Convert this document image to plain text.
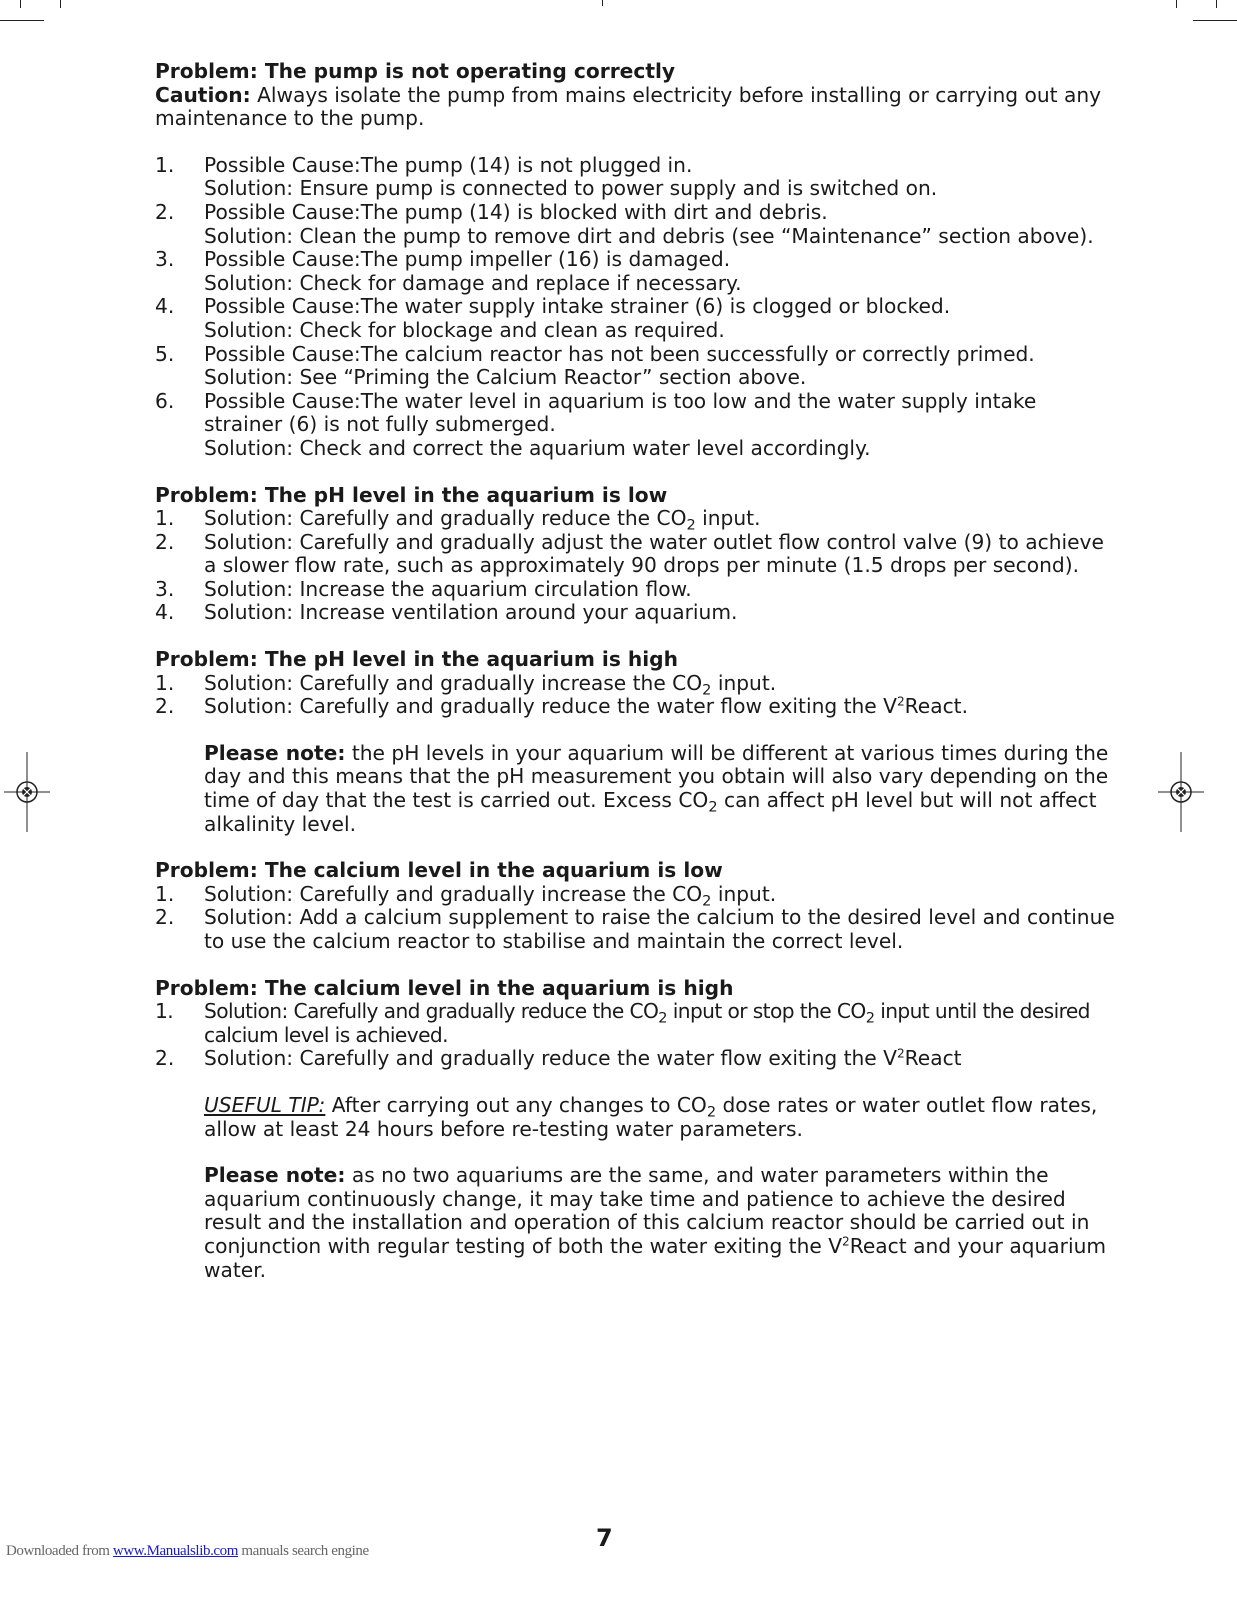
Problem: The pump is not operating correctly

Caution: Always isolate the pump from mains electricity before installing or carrying out any maintenance to the pump.

1. Possible Cause:The pump (14) is not plugged in.
Solution: Ensure pump is connected to power supply and is switched on.
2. Possible Cause:The pump (14) is blocked with dirt and debris.
Solution: Clean the pump to remove dirt and debris (see “Maintenance” section above).
3. Possible Cause:The pump impeller (16) is damaged.
Solution: Check for damage and replace if necessary.
4. Possible Cause:The water supply intake strainer (6) is clogged or blocked.
Solution: Check for blockage and clean as required.
5. Possible Cause:The calcium reactor has not been successfully or correctly primed.
Solution: See “Priming the Calcium Reactor” section above.
6. Possible Cause:The water level in aquarium is too low and the water supply intake strainer (6) is not fully submerged.
Solution: Check and correct the aquarium water level accordingly.
Problem: The pH level in the aquarium is low
1. Solution: Carefully and gradually reduce the $CO_2$ input.
2. Solution: Carefully and gradually adjust the water outlet flow control valve (9) to achieve a slower flow rate, such as approximately 90 drops per minute (1.5 drops per second).
3. Solution: Increase the aquarium circulation flow.
4. Solution: Increase ventilation around your aquarium.
Problem: The pH level in the aquarium is high
1. Solution: Carefully and gradually increase the $CO_2$ input.
2. Solution: Carefully and gradually reduce the water flow exiting the $V^2React$.

Please note: the pH levels in your aquarium will be different at various times during the day and this means that the pH measurement you obtain will also vary depending on the time of day that the test is carried out. Excess $CO_2$ can affect pH level but will not affect alkalinity level.

Problem: The calcium level in the aquarium is low
1. Solution: Carefully and gradually increase the $CO_2$ input.
2. Solution: Add a calcium supplement to raise the calcium to the desired level and continue to use the calcium reactor to stabilise and maintain the correct level.
Problem: The calcium level in the aquarium is high
1. Solution: Carefully and gradually reduce the $CO_2$ input or stop the $CO_2$ input until the desired calcium level is achieved.
2. Solution: Carefully and gradually reduce the water flow exiting the $V^2React$

USEFUL TIP: After carrying out any changes to $CO_2$ dose rates or water outlet flow rates, allow at least 24 hours before re-testing water parameters.

Please note: as no two aquariums are the same, and water parameters within the aquarium continuously change, it may take time and patience to achieve the desired result and the installation and operation of this calcium reactor should be carried out in conjunction with regular testing of both the water exiting the $V^2React$ and your aquarium water.

Downloaded from www.Manualslib.com manuals search engine	7
